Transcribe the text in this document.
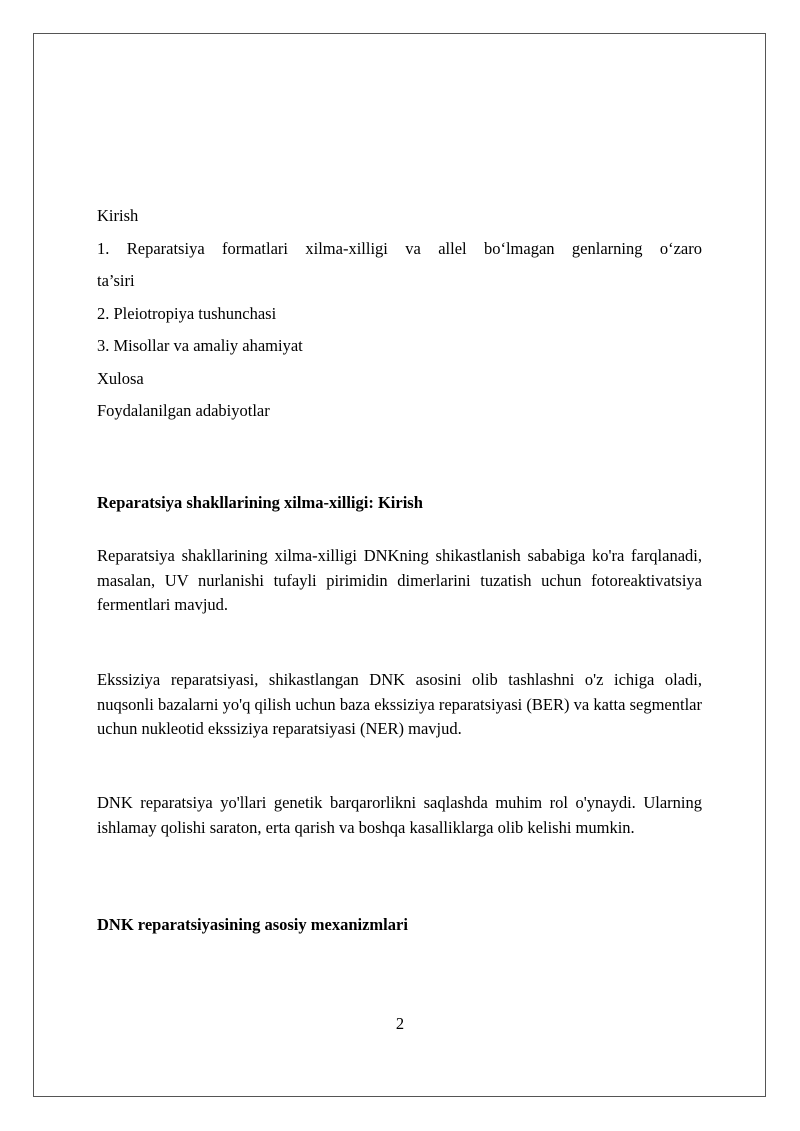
Kirish
1. Reparatsiya formatlari xilma-xilligi va allel bo‘lmagan genlarning o‘zaro
ta’siri
2. Pleiotropiya tushunchasi
3. Misollar va amaliy ahamiyat
Xulosa
Foydalanilgan adabiyotlar
Reparatsiya shakllarining xilma-xilligi: Kirish
Reparatsiya shakllarining xilma-xilligi DNKning shikastlanish sababiga ko'ra farqlanadi, masalan, UV nurlanishi tufayli pirimidin dimerlarini tuzatish uchun fotoreaktivatsiya fermentlari mavjud.
Ekssiziya reparatsiyasi, shikastlangan DNK asosini olib tashlashni o'z ichiga oladi, nuqsonli bazalarni yo'q qilish uchun baza ekssiziya reparatsiyasi (BER) va katta segmentlar uchun nukleotid ekssiziya reparatsiyasi (NER) mavjud.
DNK reparatsiya yo'llari genetik barqarorlikni saqlashda muhim rol o'ynaydi. Ularning ishlamay qolishi saraton, erta qarish va boshqa kasalliklarga olib kelishi mumkin.
DNK reparatsiyasining asosiy mexanizmlari
2
